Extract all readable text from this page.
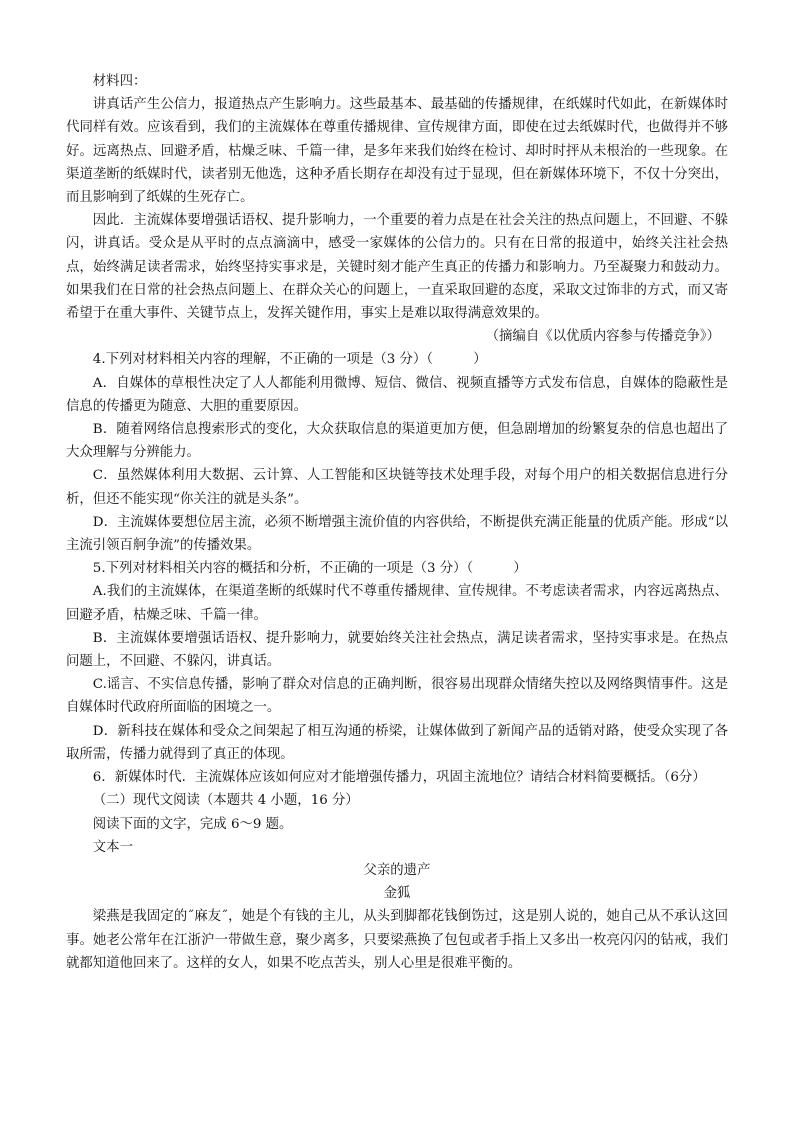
材料四：

讲真话产生公信力，报道热点产生影响力。这些最基本、最基础的传播规律，在纸媒时代如此，在新媒体时代同样有效。应该看到，我们的主流媒体在尊重传播规律、宣传规律方面，即使在过去纸媒时代，也做得并不够好。远离热点、回避矛盾，枯燥乏味、千篇一律，是多年来我们始终在检讨、却时时抨从未根治的一些现象。在渠道垄断的纸媒时代，读者别无他选，这种矛盾长期存在却没有过于显现，但在新媒体环境下，不仅十分突出，而且影响到了纸媒的生死存亡。

因此．主流媒体要增强话语权、提升影响力，一个重要的着力点是在社会关注的热点问题上，不回避、不躲闪，讲真话。受众是从平时的点点滴滴中，感受一家媒体的公信力的。只有在日常的报道中，始终关注社会热点，始终满足读者需求，始终坚持实事求是，关键时刻才能产生真正的传播力和影响力。乃至凝聚力和鼓动力。如果我们在日常的社会热点问题上、在群众关心的问题上，一直采取回避的态度，采取文过饰非的方式，而又寄希望于在重大事件、关键节点上，发挥关键作用，事实上是难以取得满意效果的。

（摘编自《以优质内容参与传播竞争》）

4.下列对材料相关内容的理解，不正确的一项是（3 分）（　　　）

A．自媒体的草根性决定了人人都能利用微博、短信、微信、视频直播等方式发布信息，自媒体的隐蔽性是信息的传播更为随意、大胆的重要原因。

B．随着网络信息搜索形式的变化，大众获取信息的渠道更加方便，但急剧增加的纷繁复杂的信息也超出了大众理解与分辨能力。

C．虽然媒体利用大数据、云计算、人工智能和区块链等技术处理手段，对每个用户的相关数据信息进行分析，但还不能实现“你关注的就是头条”。

D．主流媒体要想位居主流，必须不断增强主流价值的内容供给，不断提供充满正能量的优质产能。形成“以主流引领百舸争流”的传播效果。

5.下列对材料相关内容的概括和分析，不正确的一项是（3 分）（　　　）

A.我们的主流媒体，在渠道垄断的纸媒时代不尊重传播规律、宣传规律。不考虑读者需求，内容远离热点、回避矛盾，枯燥乏味、千篇一律。

B．主流媒体要增强话语权、提升影响力，就要始终关注社会热点，满足读者需求，坚持实事求是。在热点问题上，不回避、不躲闪，讲真话。

C.谣言、不实信息传播，影响了群众对信息的正确判断，很容易出现群众情绪失控以及网络舆情事件。这是自媒体时代政府所面临的困境之一。

D．新科技在媒体和受众之间架起了相互沟通的桥梁，让媒体做到了新闻产品的适销对路，使受众实现了各取所需，传播力就得到了真正的体现。

6．新媒体时代．主流媒体应该如何应对才能增强传播力，巩固主流地位？请结合材料简要概括。（6分）

（二）现代文阅读（本题共 4 小题，16 分）

阅读下面的文字，完成 6～9 题。

文本一

父亲的遗产

金狐

梁燕是我固定的˝麻友˝，她是个有钱的主儿，从头到脚都花钱倒饬过，这是别人说的，她自己从不承认这回事。她老公常年在江浙沪一带做生意，聚少离多，只要梁燕换了包包或者手指上又多出一枚亮闪闪的钻戒，我们就都知道他回来了。这样的女人，如果不吃点苦头，别人心里是很难平衡的。
